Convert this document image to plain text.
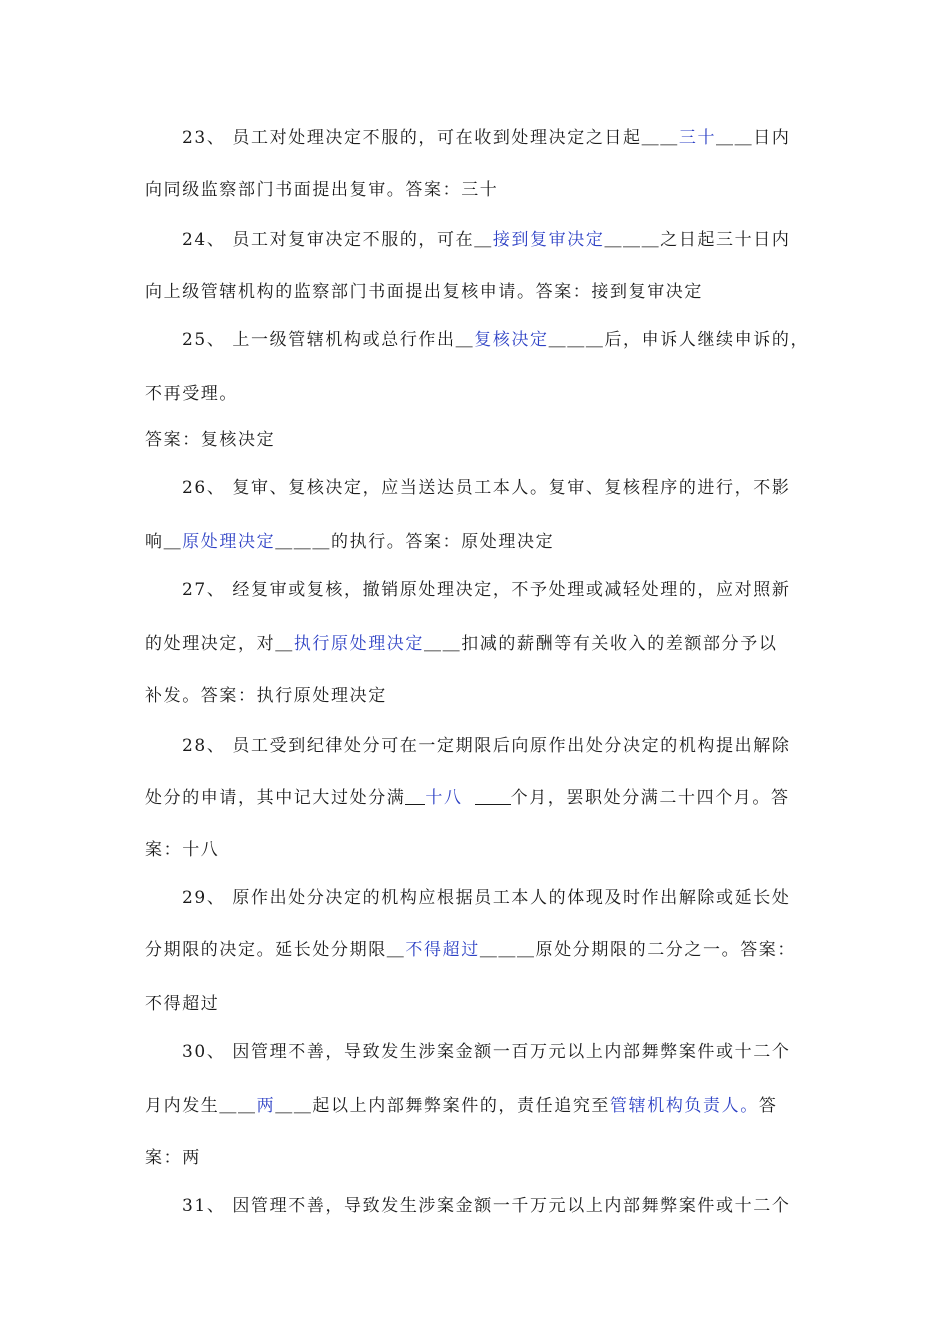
23、 员工对处理决定不服的，可在收到处理决定之日起＿＿三十＿＿日内
向同级监察部门书面提出复审。答案：三十
24、 员工对复审决定不服的，可在＿接到复审决定＿＿＿之日起三十日内
向上级管辖机构的监察部门书面提出复核申请。答案：接到复审决定
25、 上一级管辖机构或总行作出＿复核决定＿＿＿后，申诉人继续申诉的，
不再受理。
答案：复核决定
26、 复审、复核决定，应当送达员工本人。复审、复核程序的进行，不影
响＿原处理决定＿＿＿的执行。答案：原处理决定
27、 经复审或复核，撤销原处理决定，不予处理或减轻处理的，应对照新
的处理决定，对＿执行原处理决定＿＿扣减的薪酬等有关收入的差额部分予以
补发。答案：执行原处理决定
28、 员工受到纪律处分可在一定期限后向原作出处分决定的机构提出解除
处分的申请，其中记大过处分满 十八	个月，罢职处分满二十四个月。答
案：十八
29、 原作出处分决定的机构应根据员工本人的体现及时作出解除或延长处
分期限的决定。延长处分期限＿不得超过＿＿＿原处分期限的二分之一。答案：
不得超过
30、 因管理不善，导致发生涉案金额一百万元以上内部舞弊案件或十二个
月内发生＿＿两＿＿起以上内部舞弊案件的，责任追究至管辖机构负责人。答
案：两
31、 因管理不善，导致发生涉案金额一千万元以上内部舞弊案件或十二个
